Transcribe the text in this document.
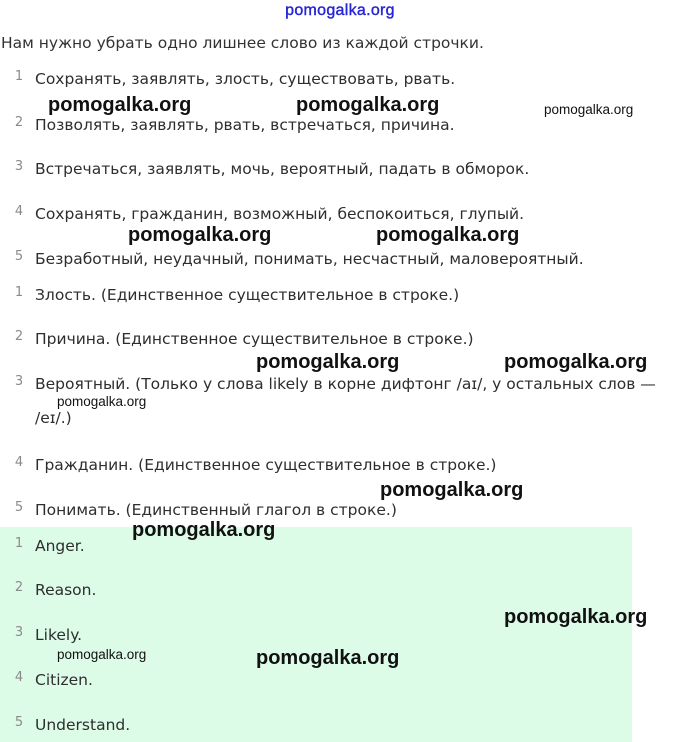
pomogalka.org
Нам нужно убрать одно лишнее слово из каждой строчки.
1 Сохранять, заявлять, злость, существовать, рвать.
2 Позволять, заявлять, рвать, встречаться, причина.
3 Встречаться, заявлять, мочь, вероятный, падать в обморок.
4 Сохранять, гражданин, возможный, беспокоиться, глупый.
5 Безработный, неудачный, понимать, несчастный, маловероятный.
1 Злость. (Единственное существительное в строке.)
2 Причина. (Единственное существительное в строке.)
3 Вероятный. (Только у слова likely в корне дифтонг /aɪ/, у остальных слов — /eɪ/.)
4 Гражданин. (Единственное существительное в строке.)
5 Понимать. (Единственный глагол в строке.)
1 Anger.
2 Reason.
3 Likely.
4 Citizen.
5 Understand.
pomogalka.org	pomogalka.org	pomogalka.org
pomogalka.org	pomogalka.org
pomogalka.org	pomogalka.org
pomogalka.org
pomogalka.org
pomogalka.org
pomogalka.org
pomogalka.org	pomogalka.org
